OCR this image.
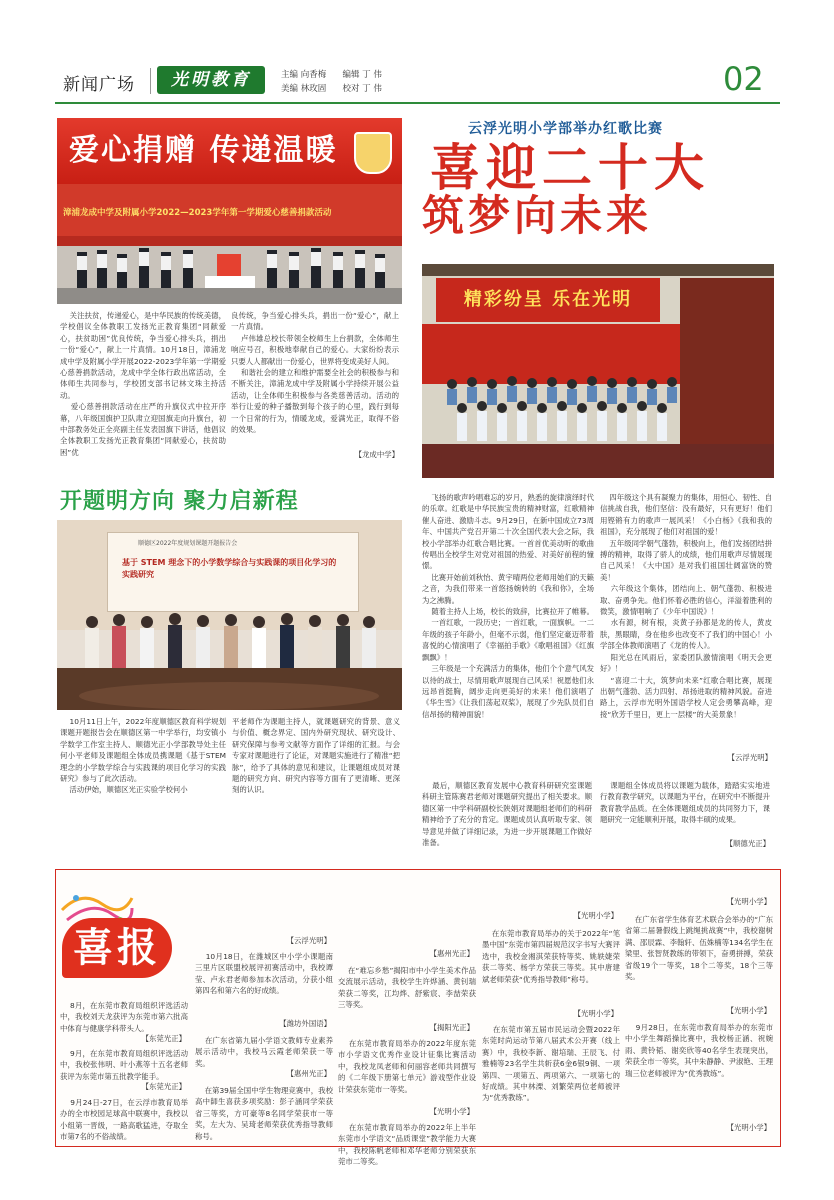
新闻广场	光明教育	主编 向香梅 编辑 丁 伟
美编 林玫固 校对 丁 伟	02
爱心捐赠 传递温暖
漳浦龙成中学及附属小学2022—2023学年第一学期爱心慈善捐款活动
关注扶贫，传递爱心，是中华民族的传统美德，学校倡议全体教职工发扬光正教育集团“同献爱心，扶贫助困”优良传统，争当爱心排头兵，捐出一份“爱心”，献上一片真情。10月18日，漳浦龙成中学及附属小学开展2022-2023学年第一学期爱心慈善捐款活动，龙成中学全体行政出席活动，全体师生共同参与，学校团支部书记林文珠主持活动。
爱心慈善捐款活动在庄严的升旗仪式中拉开序幕，八年级国旗护卫队肃立迎国旗走向升旗台，初中部教务处正全亮副主任发表国旗下讲话，他倡议全体教职工发扬光正教育集团“同献爱心，扶贫助困”优
良传统，争当爱心排头兵，捐出一份“爱心”，献上一片真情。
卢伟雄总校长带领全校师生上台捐款，全体师生响应号召，积极地奉献自己的爱心。大家纷纷表示只要人人都献出一份爱心，世界将变成美好人间。
和谐社会的建立和维护需要全社会的积极参与和不断关注，漳浦龙成中学及附属小学持续开展公益活动，让全体师生积极参与各类慈善活动。活动的举行让爱的种子播散到每个孩子的心里，践行到每一个日常的行为，情暖龙成，爱满光正，取得不俗的效果。
【龙成中学】
开题明方向 聚力启新程
顺德区2022年度规划课题开题报告会
基于 STEM 理念下的小学数学综合与实践课的项目化学习的实践研究
10月11日上午，2022年度顺德区教育科学规划课题开题报告会在顺德区第一中学举行，均安镇小学数学工作室主持人、顺德光正小学部教导处主任何小平老师及课题组全体成员携课题《基于STEM理念的小学数学综合与实践课的项目化学习的实践研究》参与了此次活动。
活动伊始，顺德区光正实验学校何小
平老师作为课题主持人，就课题研究的背景、意义与价值、概念界定、国内外研究现状、研究设计、研究保障与参考文献等方面作了详细的汇报。与会专家对课题进行了论证，对课题实施进行了精准“把脉”，给予了具体的意见和建议，让课题组成员对课题的研究方向、研究内容等方面有了更清晰、更深刻的认识。	最后，顺德区教育发展中心教育科研研究室课题科研主管陈赛君老师对课题研究提出了相关要求。顺德区第一中学科研副校长陕娟对课题组老师们的科研精神给予了充分的肯定。课题成员认真听取专家、领导意见并做了详细记录，为进一步开展课题工作做好准备。
课题组全体成员将以课题为载体，踏踏实实地进行教育教学研究，以课题为平台，在研究中不断提升教育教学品质。在全体课题组成员的共同努力下，课题研究一定能顺利开展，取得丰硕的成果。
【顺德光正】
云浮光明小学部举办红歌比赛
喜迎二十大
筑梦向未来
精彩纷呈 乐在光明
飞扬的歌声吟唱难忘的岁月，熟悉的旋律演绎时代的乐章。红歌是中华民族宝贵的精神财富，红歌精神催人奋进、激励斗志。9月29日，在新中国成立73周年、中国共产党召开第二十次全国代表大会之际，我校小学部举办红歌合唱比赛。一首首优美动听的歌曲传唱出全校学生对党对祖国的热爱、对美好前程的憧憬。
比赛开始前刘秋怡、黄宇晴两位老师用她们的天籁之音，为我们带来一首悠扬婉转的《我和你》，全场为之沸腾。
随着主持人上场，校长的致辞，比赛拉开了帷幕。
一首红歌，一段历史；一首红歌，一面旗帜。一二年级的孩子年龄小，但毫不示弱，他们坚定豪迈带着喜悦的心情演唱了《幸福拍手歌》《歌唱祖国》《红旗飘飘》！
三年级是一个充满活力的集体，他们个个意气风发以待的战士，尽情用歌声展现自己风采！祝愿他们永远昂首挺胸，阔步走向更美好的未来！他们演唱了《华生雪》《让我们荡起双桨》，展现了少先队员们自信昂扬的精神面貌！
四年级这个具有凝聚力的集体，用恒心、韧性、自信挑战自我，他们坚信：没有最好，只有更好！他们用铿锵有力的歌声一展风采！《小白杨》《我和我的祖国》，充分展现了他们对祖国的爱！
五年级同学朝气蓬勃，积极向上，他们发扬团结拼搏的精神，取得了骄人的成绩，他们用歌声尽情展现自己风采！《大中国》是对我们祖国壮阔富饶的赞美！
六年级这个集体，团结向上、朝气蓬勃、积极进取、奋勇争先。他们怀着必胜的信心，洋溢着胜利的微笑，激情唱响了《少年中国说》！
水有源，树有根，炎黄子孙都是龙的传人，黄皮肤，黑眼睛，身在他乡也改变不了我们的中国心！小学部全体教师演唱了《龙的传人》。
阳光总在风雨后，家委团队激情演唱《明天会更好》！
“喜迎二十大，筑梦向未来”红歌合唱比赛，展现出朝气蓬勃、活力四射、昂扬进取的精神风貌。奋进路上，云浮市光明外国语学校人定会勇攀高峰，迎接“欣芳千里日，更上一层楼”的大美景象！
【云浮光明】
喜报
8月，在东莞市教育局组织评选活动中，我校刘天龙获评为东莞市第六批高中体育与健康学科带头人。
【东莞光正】
9月，在东莞市教育局组织评选活动中，我校张伟明、叶小燕等十五名老师获评为东莞市第五批教学能手。
【东莞光正】
9月24日-27日，在云浮市教育局举办的全市校园足球高中联赛中，我校以小组第一晋级，一路高歌猛进，夺取全市第7名的不俗战绩。
【云浮光明】
10月18日，在潍城区中小学小课题南三里片区联盟校展评初赛活动中，我校谭莹、卢永君老师参加本次活动，分获小组第四名和第六名的好成绩。
【潍坊外国语】
在广东省第九届小学语文教师专业素养展示活动中，我校马云霞老师荣获一等奖。
【惠州光正】
在第39届全国中学生物理竞赛中，我校高中師生喜获多项奖励：彭子涵同学荣获省三等奖，方可豪等8名同学荣获市一等奖，左大为、吴琦老师荣获优秀指导教师称号。
【惠州光正】
在“难忘乡愁”揭阳市中小学生美术作品交流展示活动，我校学生许烨涵、黄钊瑞荣获二等奖，江均烨、舒紫宸、李喆荣获三等奖。
【揭阳光正】
在东莞市教育局举办的2022年度东莞市小学语文优秀作业设计征集比赛活动中，我校龙凤老师和何丽容老师共同撰写的《二年级下册第七单元》游戏型作业设计荣获东莞市一等奖。
【光明小学】
在东莞市教育局举办的2022年上半年东莞市小学语文“品质课堂”教学能力大赛中，我校陈帆老师和邓华老师分别荣获东莞市二等奖。
【光明小学】
在东莞市教育局举办的关于2022年“笔墨中国”东莞市第四届规范汉字书写大赛评选中，我校金湘淇荣获特等奖、姚轶婕荣获二等奖、杨学方荣获三等奖。其中唐建斌老师荣获“优秀指导教师”称号。
【光明小学】
在东莞市第五届市民运动会暨2022年东莞时尚运动节第八届武术公开赛（线上赛）中，我校李新、谢培瑞、王辰飞、付雅楠等23名学生共斩获6金6银9铜、一项第四、一项第五、两项第六、一项第七的好成绩。其中林溧、刘繁荣两位老师被评为“优秀教练”。
【光明小学】
在广东省学生体育艺术联合会举办的“广东省第二届暑假线上跳绳挑战赛”中，我校谢树满、邵辰霖、李翰轩、伍姝楠等134名学生在梁里、张智贤教练的带领下，奋勇拼搏，荣获省级19个一等奖，18个二等奖，18个三等奖。
【光明小学】
9月28日，在东莞市教育局举办的东莞市中小学生舞蹈操比赛中，我校杨正涵、祝婉雨、黄铃韬、谢奕欣等40名学生表现突出，荣获全市一等奖，其中朱静静、尹淑艳、王理瑞三位老师被评为“优秀教练”。
【光明小学】
